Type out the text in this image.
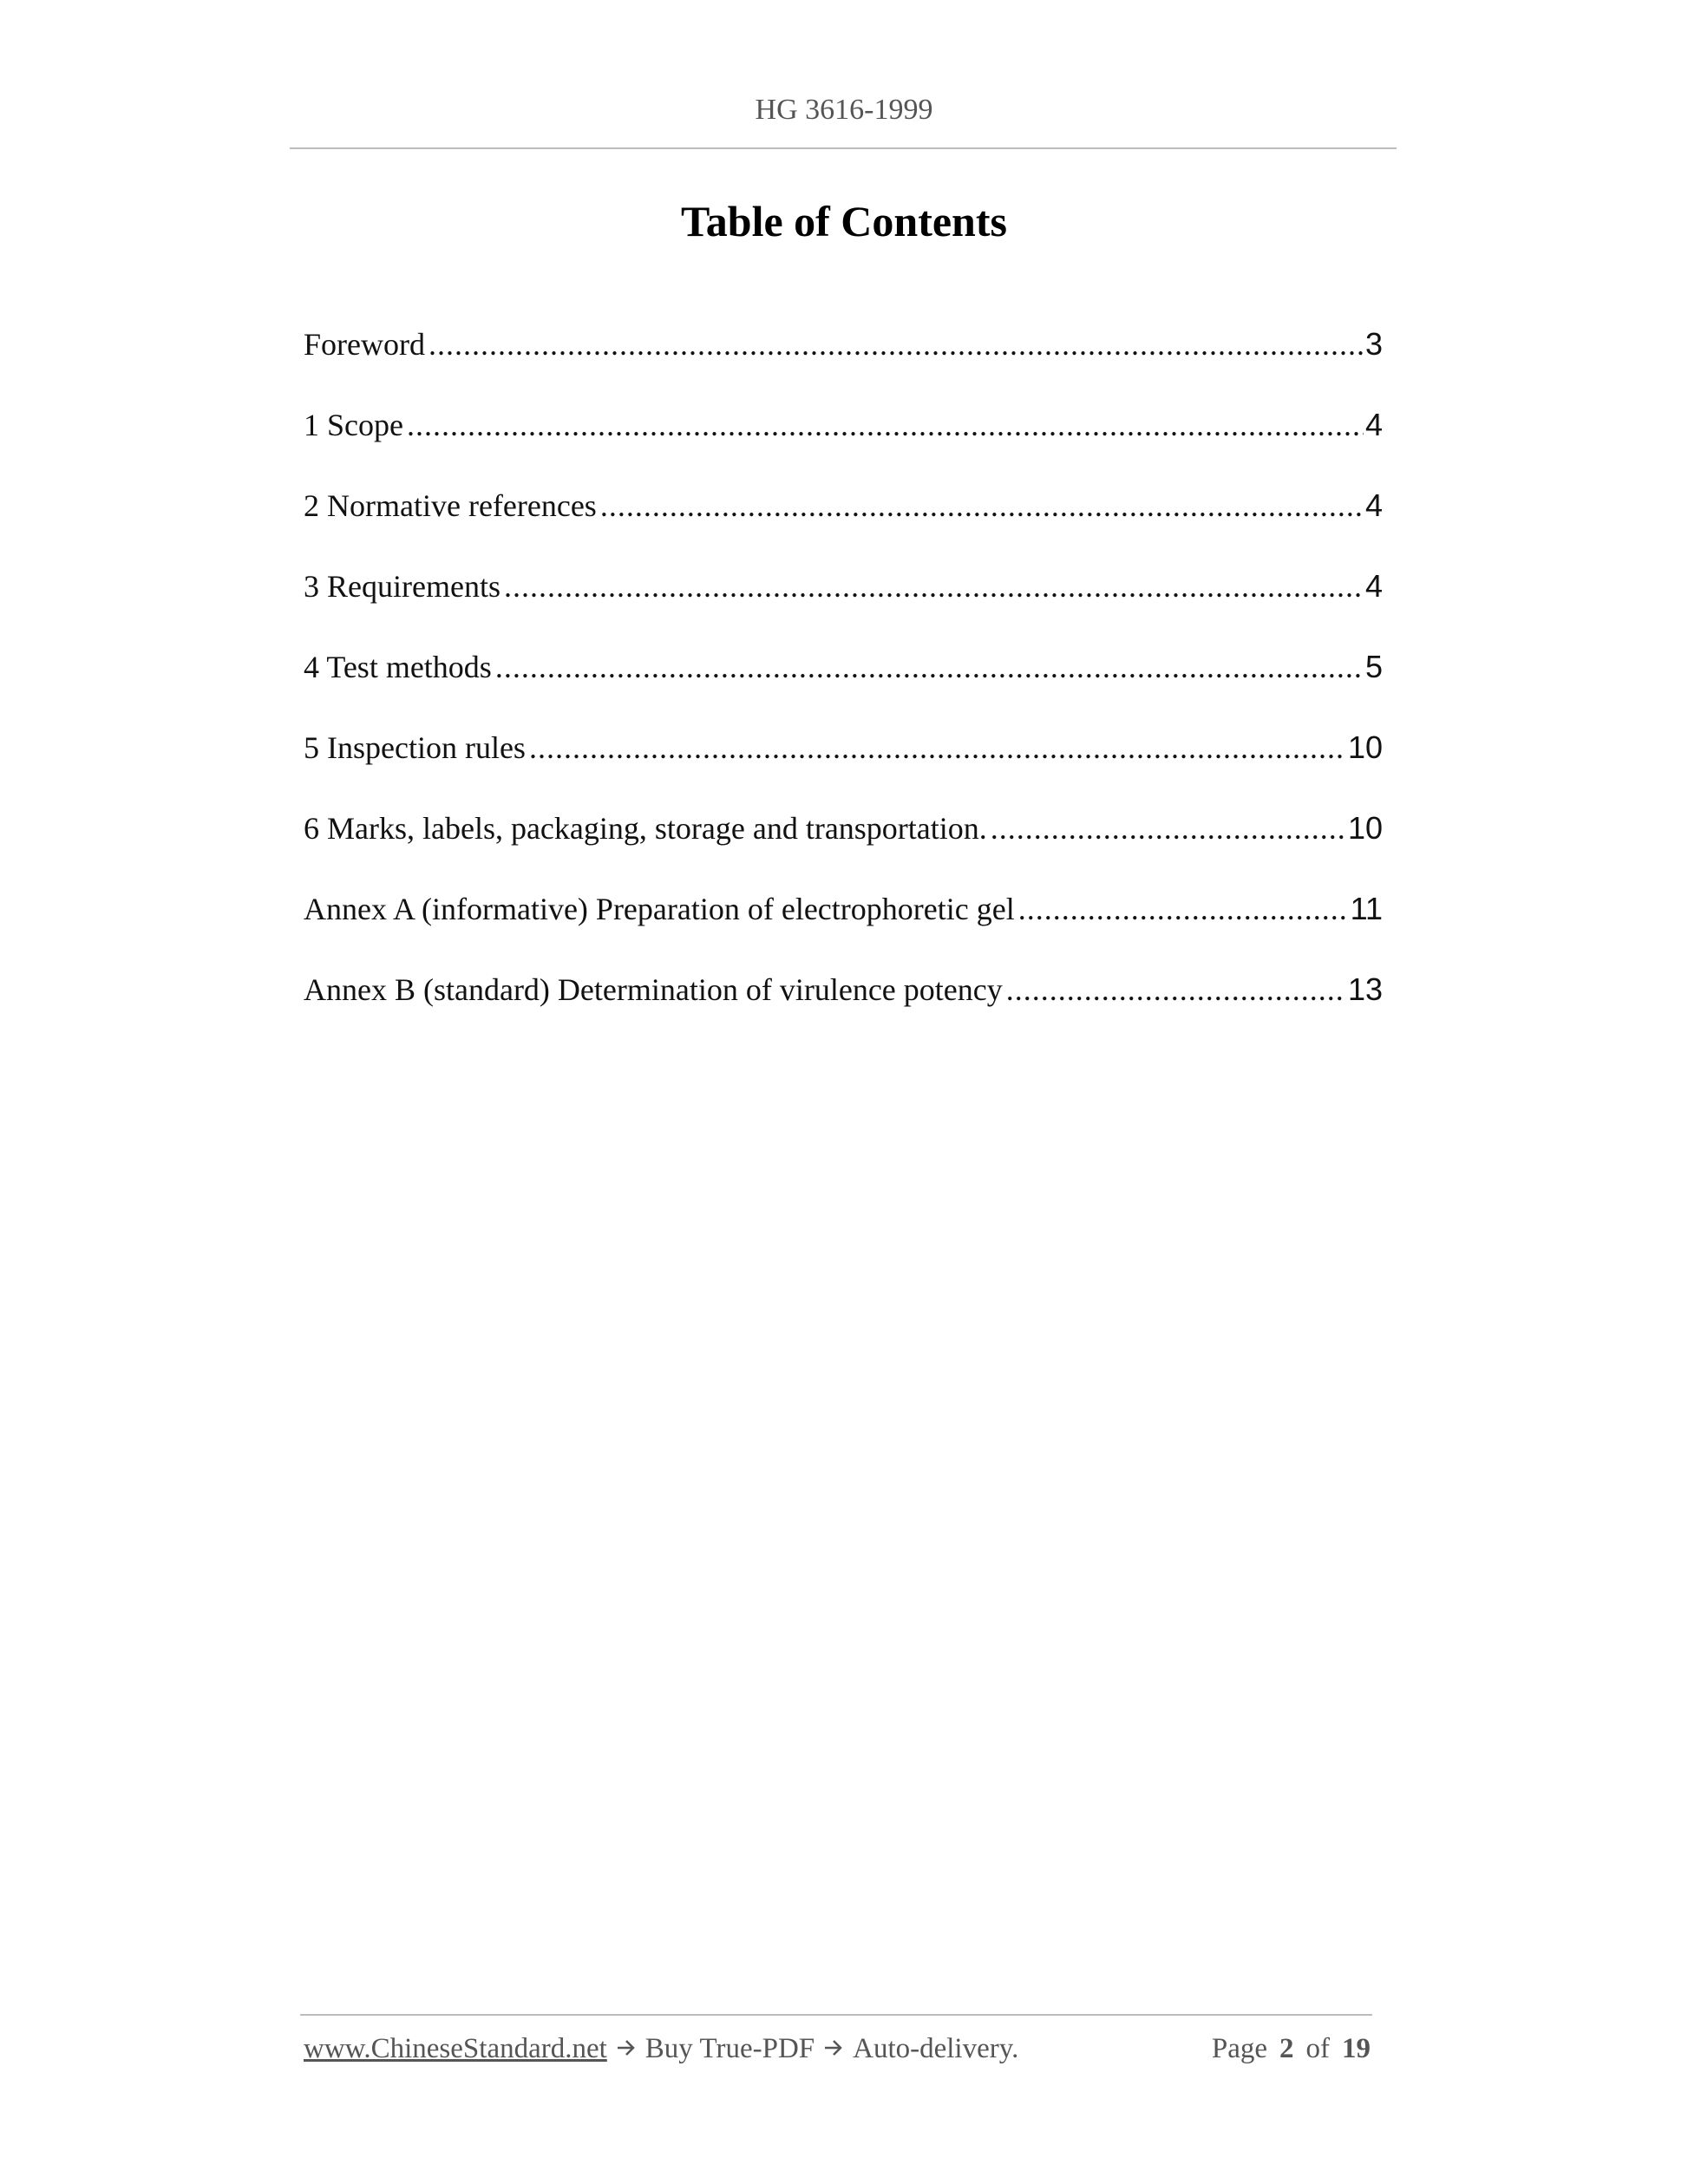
HG 3616-1999
Table of Contents
Foreword .....	3
1 Scope .....	4
2 Normative references .....	4
3 Requirements .....	4
4 Test methods .....	5
5 Inspection rules .....	10
6 Marks, labels, packaging, storage and transportation. .....	10
Annex A (informative) Preparation of electrophoretic gel .....	11
Annex B (standard) Determination of virulence potency .....	13
www.ChineseStandard.net Buy True-PDF Auto-delivery.	Page 2 of 19
